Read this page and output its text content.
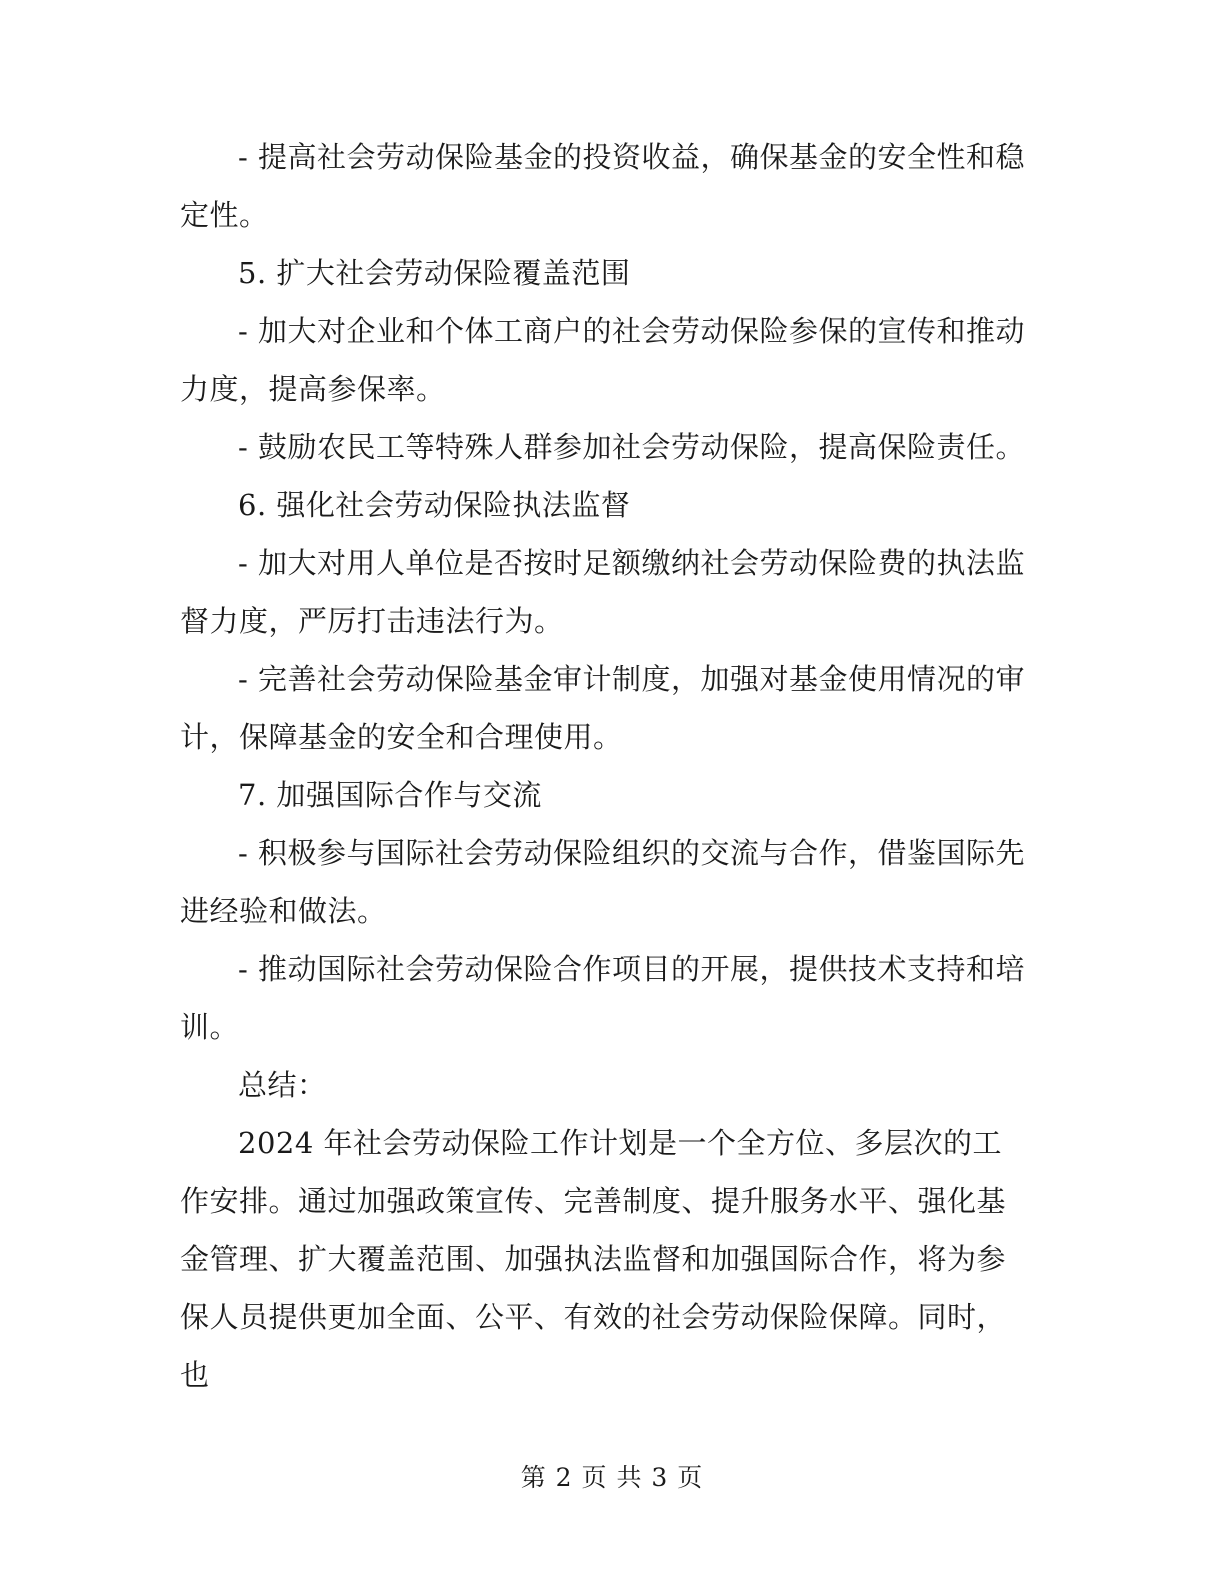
- 提高社会劳动保险基金的投资收益，确保基金的安全性和稳定性。

5. 扩大社会劳动保险覆盖范围

- 加大对企业和个体工商户的社会劳动保险参保的宣传和推动力度，提高参保率。

- 鼓励农民工等特殊人群参加社会劳动保险，提高保险责任。

6. 强化社会劳动保险执法监督

- 加大对用人单位是否按时足额缴纳社会劳动保险费的执法监督力度，严厉打击违法行为。

- 完善社会劳动保险基金审计制度，加强对基金使用情况的审计，保障基金的安全和合理使用。

7. 加强国际合作与交流

- 积极参与国际社会劳动保险组织的交流与合作，借鉴国际先进经验和做法。

- 推动国际社会劳动保险合作项目的开展，提供技术支持和培训。

总结：

2024 年社会劳动保险工作计划是一个全方位、多层次的工作安排。通过加强政策宣传、完善制度、提升服务水平、强化基金管理、扩大覆盖范围、加强执法监督和加强国际合作，将为参保人员提供更加全面、公平、有效的社会劳动保险保障。同时，也

第 2 页 共 3 页
